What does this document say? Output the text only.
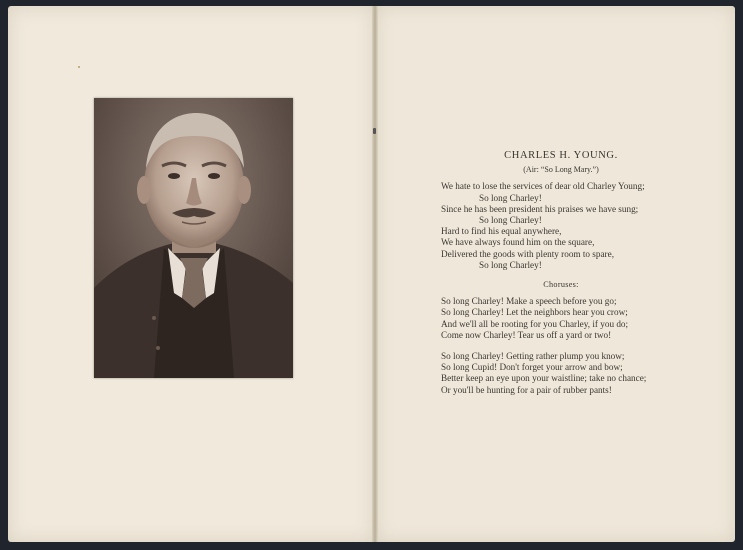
CHARLES H. YOUNG.
(Air: “So Long Mary.”)
We hate to lose the services of dear old Charley Young;
So long Charley!
Since he has been president his praises we have sung;
So long Charley!
Hard to find his equal anywhere,
We have always found him on the square,
Delivered the goods with plenty room to spare,
So long Charley!
Choruses:
So long Charley! Make a speech before you go;
So long Charley! Let the neighbors hear you crow;
And we'll all be rooting for you Charley, if you do;
Come now Charley! Tear us off a yard or two!
So long Charley! Getting rather plump you know;
So long Cupid! Don't forget your arrow and bow;
Better keep an eye upon your waistline; take no chance;
Or you'll be hunting for a pair of rubber pants!
